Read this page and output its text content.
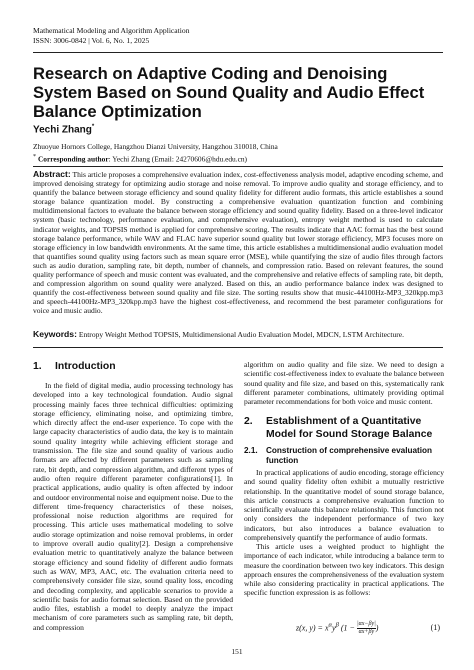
Mathematical Modeling and Algorithm Application
ISSN: 3006-0842 | Vol. 6, No. 1, 2025
Research on Adaptive Coding and Denoising System Based on Sound Quality and Audio Effect Balance Optimization
Yechi Zhang*
Zhuoyue Hornors College, Hangzhou Dianzi University, Hangzhou 310018, China
* Corresponding author: Yechi Zhang (Email: 24270606@hdu.edu.cn)
Abstract: This article proposes a comprehensive evaluation index, cost-effectiveness analysis model, adaptive encoding scheme, and improved denoising strategy for optimizing audio storage and noise removal. To improve audio quality and storage efficiency, and to quantify the balance between storage efficiency and sound quality fidelity for different audio formats, this article establishes a sound storage balance quantization model. By constructing a comprehensive evaluation quantization function and combining multidimensional factors to evaluate the balance between storage efficiency and sound quality fidelity. Based on a three-level indicator system (basic technology, performance evaluation, and comprehensive evaluation), entropy weight method is used to calculate indicator weights, and TOPSIS method is applied for comprehensive scoring. The results indicate that AAC format has the best sound storage balance performance, while WAV and FLAC have superior sound quality but lower storage efficiency, MP3 focuses more on storage efficiency in low bandwidth environments. At the same time, this article establishes a multidimensional audio evaluation model that quantifies sound quality using factors such as mean square error (MSE), while quantifying the size of audio files through factors such as audio duration, sampling rate, bit depth, number of channels, and compression ratio. Based on relevant features, the sound quality performance of speech and music content was evaluated, and the comprehensive and relative effects of sampling rate, bit depth, and compression algorithm on sound quality were analyzed. Based on this, an audio performance balance index was designed to quantify the cost-effectiveness between sound quality and file size. The sorting results show that music-44100Hz-MP3_320kpp.mp3 and speech-44100Hz-MP3_320kpp.mp3 have the highest cost-effectiveness, and recommend the best parameter configurations for voice and music audio.
Keywords: Entropy Weight Method TOPSIS, Multidimensional Audio Evaluation Model, MDCN, LSTM Architecture.
1. Introduction

In the field of digital media, audio processing technology has developed into a key technological foundation. Audio signal processing mainly faces three technical difficulties: optimizing storage efficiency, eliminating noise, and optimizing timbre, which directly affect the end-user experience. To cope with the large capacity characteristics of audio data, the key is to maintain sound quality integrity while achieving efficient storage and transmission. The file size and sound quality of various audio formats are affected by different parameters such as sampling rate, bit depth, and compression algorithm, and different types of audio often require different parameter configurations[1]. In practical applications, audio quality is often affected by indoor and outdoor environmental noise and equipment noise. Due to the different time-frequency characteristics of these noises, professional noise reduction algorithms are required for processing. This article uses mathematical modeling to solve audio storage optimization and noise removal problems, in order to improve overall audio quality[2]. Design a comprehensive evaluation metric to quantitatively analyze the balance between storage efficiency and sound fidelity of different audio formats such as WAV, MP3, AAC, etc. The evaluation criteria need to comprehensively consider file size, sound quality loss, encoding and decoding complexity, and applicable scenarios to provide a scientific basis for audio format selection. Based on the provided audio files, establish a model to deeply analyze the impact mechanism of core parameters such as sampling rate, bit depth, and compression

algorithm on audio quality and file size. We need to design a scientific cost-effectiveness index to evaluate the balance between sound quality and file size, and based on this, systematically rank different parameter combinations, ultimately providing optimal parameter recommendations for both voice and music content.

2.	Establishment of a Quantitative Model for Sound Storage Balance
2.1.	Construction of comprehensive evaluation function

In practical applications of audio encoding, storage efficiency and sound quality fidelity often exhibit a mutually restrictive relationship. In the quantitative model of sound storage balance, this article constructs a comprehensive evaluation function to scientifically evaluate this balance relationship. This function not only considers the independent performance of two key indicators, but also introduces a balance evaluation to comprehensively quantify the performance of audio formats.

This article uses a weighted product to highlight the importance of each indicator, while introducing a balance term to measure the coordination between two key indicators. This design approach ensures the comprehensiveness of the evaluation system while also considering practicality in practical applications. The specific function expression is as follows:

z(x, $y) = x^\alpha y^\beta$ ($1 - \frac{|\alpha x-\beta y|}{\alpha x+\beta y}$ )	(1)
151
